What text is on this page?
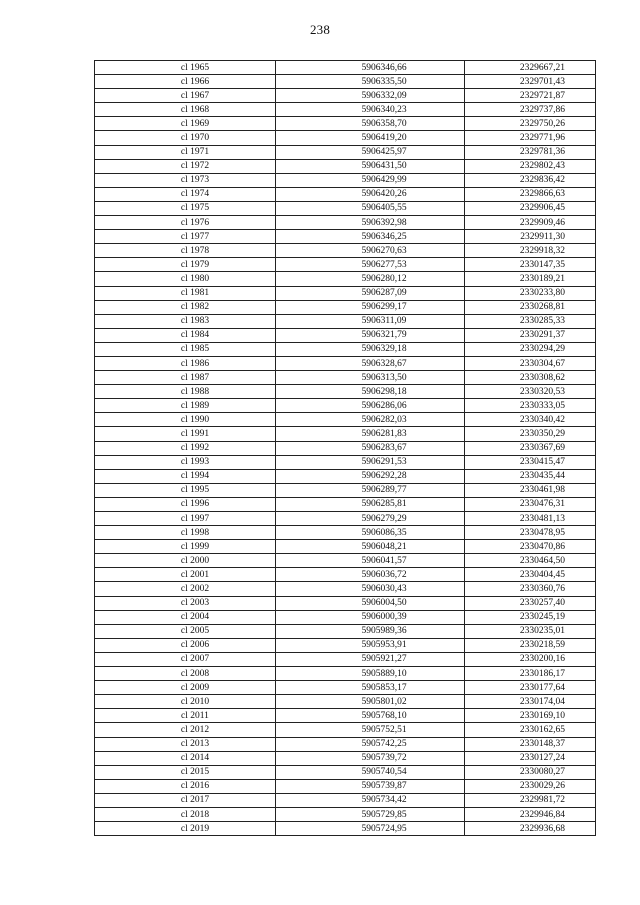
238
cl 1965	5906346,66	2329667,21
cl 1966	5906335,50	2329701,43
cl 1967	5906332,09	2329721,87
cl 1968	5906340,23	2329737,86
cl 1969	5906358,70	2329750,26
cl 1970	5906419,20	2329771,96
cl 1971	5906425,97	2329781,36
cl 1972	5906431,50	2329802,43
cl 1973	5906429,99	2329836,42
cl 1974	5906420,26	2329866,63
cl 1975	5906405,55	2329906,45
cl 1976	5906392,98	2329909,46
cl 1977	5906346,25	2329911,30
cl 1978	5906270,63	2329918,32
cl 1979	5906277,53	2330147,35
cl 1980	5906280,12	2330189,21
cl 1981	5906287,09	2330233,80
cl 1982	5906299,17	2330268,81
cl 1983	5906311,09	2330285,33
cl 1984	5906321,79	2330291,37
cl 1985	5906329,18	2330294,29
cl 1986	5906328,67	2330304,67
cl 1987	5906313,50	2330308,62
cl 1988	5906298,18	2330320,53
cl 1989	5906286,06	2330333,05
cl 1990	5906282,03	2330340,42
cl 1991	5906281,83	2330350,29
cl 1992	5906283,67	2330367,69
cl 1993	5906291,53	2330415,47
cl 1994	5906292,28	2330435,44
cl 1995	5906289,77	2330461,98
cl 1996	5906285,81	2330476,31
cl 1997	5906279,29	2330481,13
cl 1998	5906086,35	2330478,95
cl 1999	5906048,21	2330470,86
cl 2000	5906041,57	2330464,50
cl 2001	5906036,72	2330404,45
cl 2002	5906030,43	2330360,76
cl 2003	5906004,50	2330257,40
cl 2004	5906000,39	2330245,19
cl 2005	5905989,36	2330235,01
cl 2006	5905953,91	2330218,59
cl 2007	5905921,27	2330200,16
cl 2008	5905889,10	2330186,17
cl 2009	5905853,17	2330177,64
cl 2010	5905801,02	2330174,04
cl 2011	5905768,10	2330169,10
cl 2012	5905752,51	2330162,65
cl 2013	5905742,25	2330148,37
cl 2014	5905739,72	2330127,24
cl 2015	5905740,54	2330080,27
cl 2016	5905739,87	2330029,26
cl 2017	5905734,42	2329981,72
cl 2018	5905729,85	2329946,84
cl 2019	5905724,95	2329936,68
